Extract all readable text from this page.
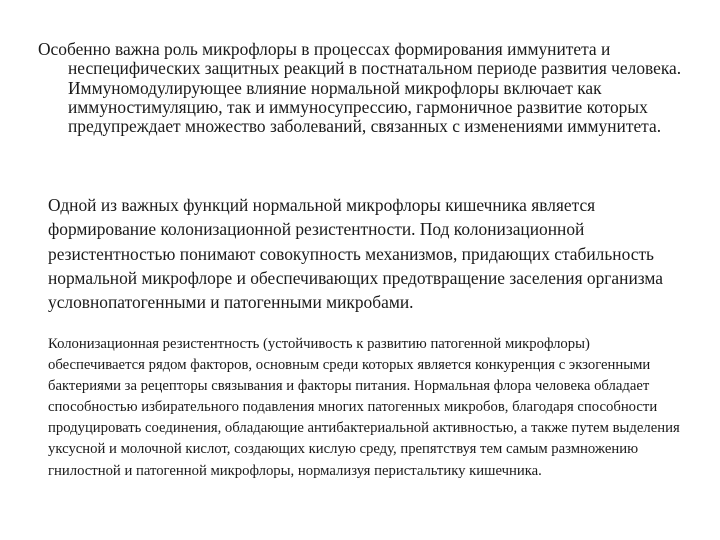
Особенно важна роль микрофлоры в процессах формирования иммунитета и неспецифических защитных реакций в постнатальном периоде развития человека. Иммуномодулирующее влияние нормальной микрофлоры включает как иммуностимуляцию, так и иммуносупрессию, гармоничное развитие которых предупреждает множество заболеваний, связанных с изменениями иммунитета.

Одной из важных функций нормальной микрофлоры кишечника является формирование колонизационной резистентности. Под колонизационной резистентностью понимают совокупность механизмов, придающих стабильность нормальной микрофлоре и обеспечивающих предотвращение заселения организма условнопатогенными и патогенными микробами.

Колонизационная резистентность (устойчивость к развитию патогенной микрофлоры) обеспечивается рядом факторов, основным среди которых является конкуренция с экзогенными бактериями за рецепторы связывания и факторы питания. Нормальная флора человека обладает способностью избирательного подавления многих патогенных микробов, благодаря способности продуцировать соединения, обладающие антибактериальной активностью, а также путем выделения уксусной и молочной кислот, создающих кислую среду, препятствуя тем самым размножению гнилостной и патогенной микрофлоры, нормализуя перистальтику кишечника.
